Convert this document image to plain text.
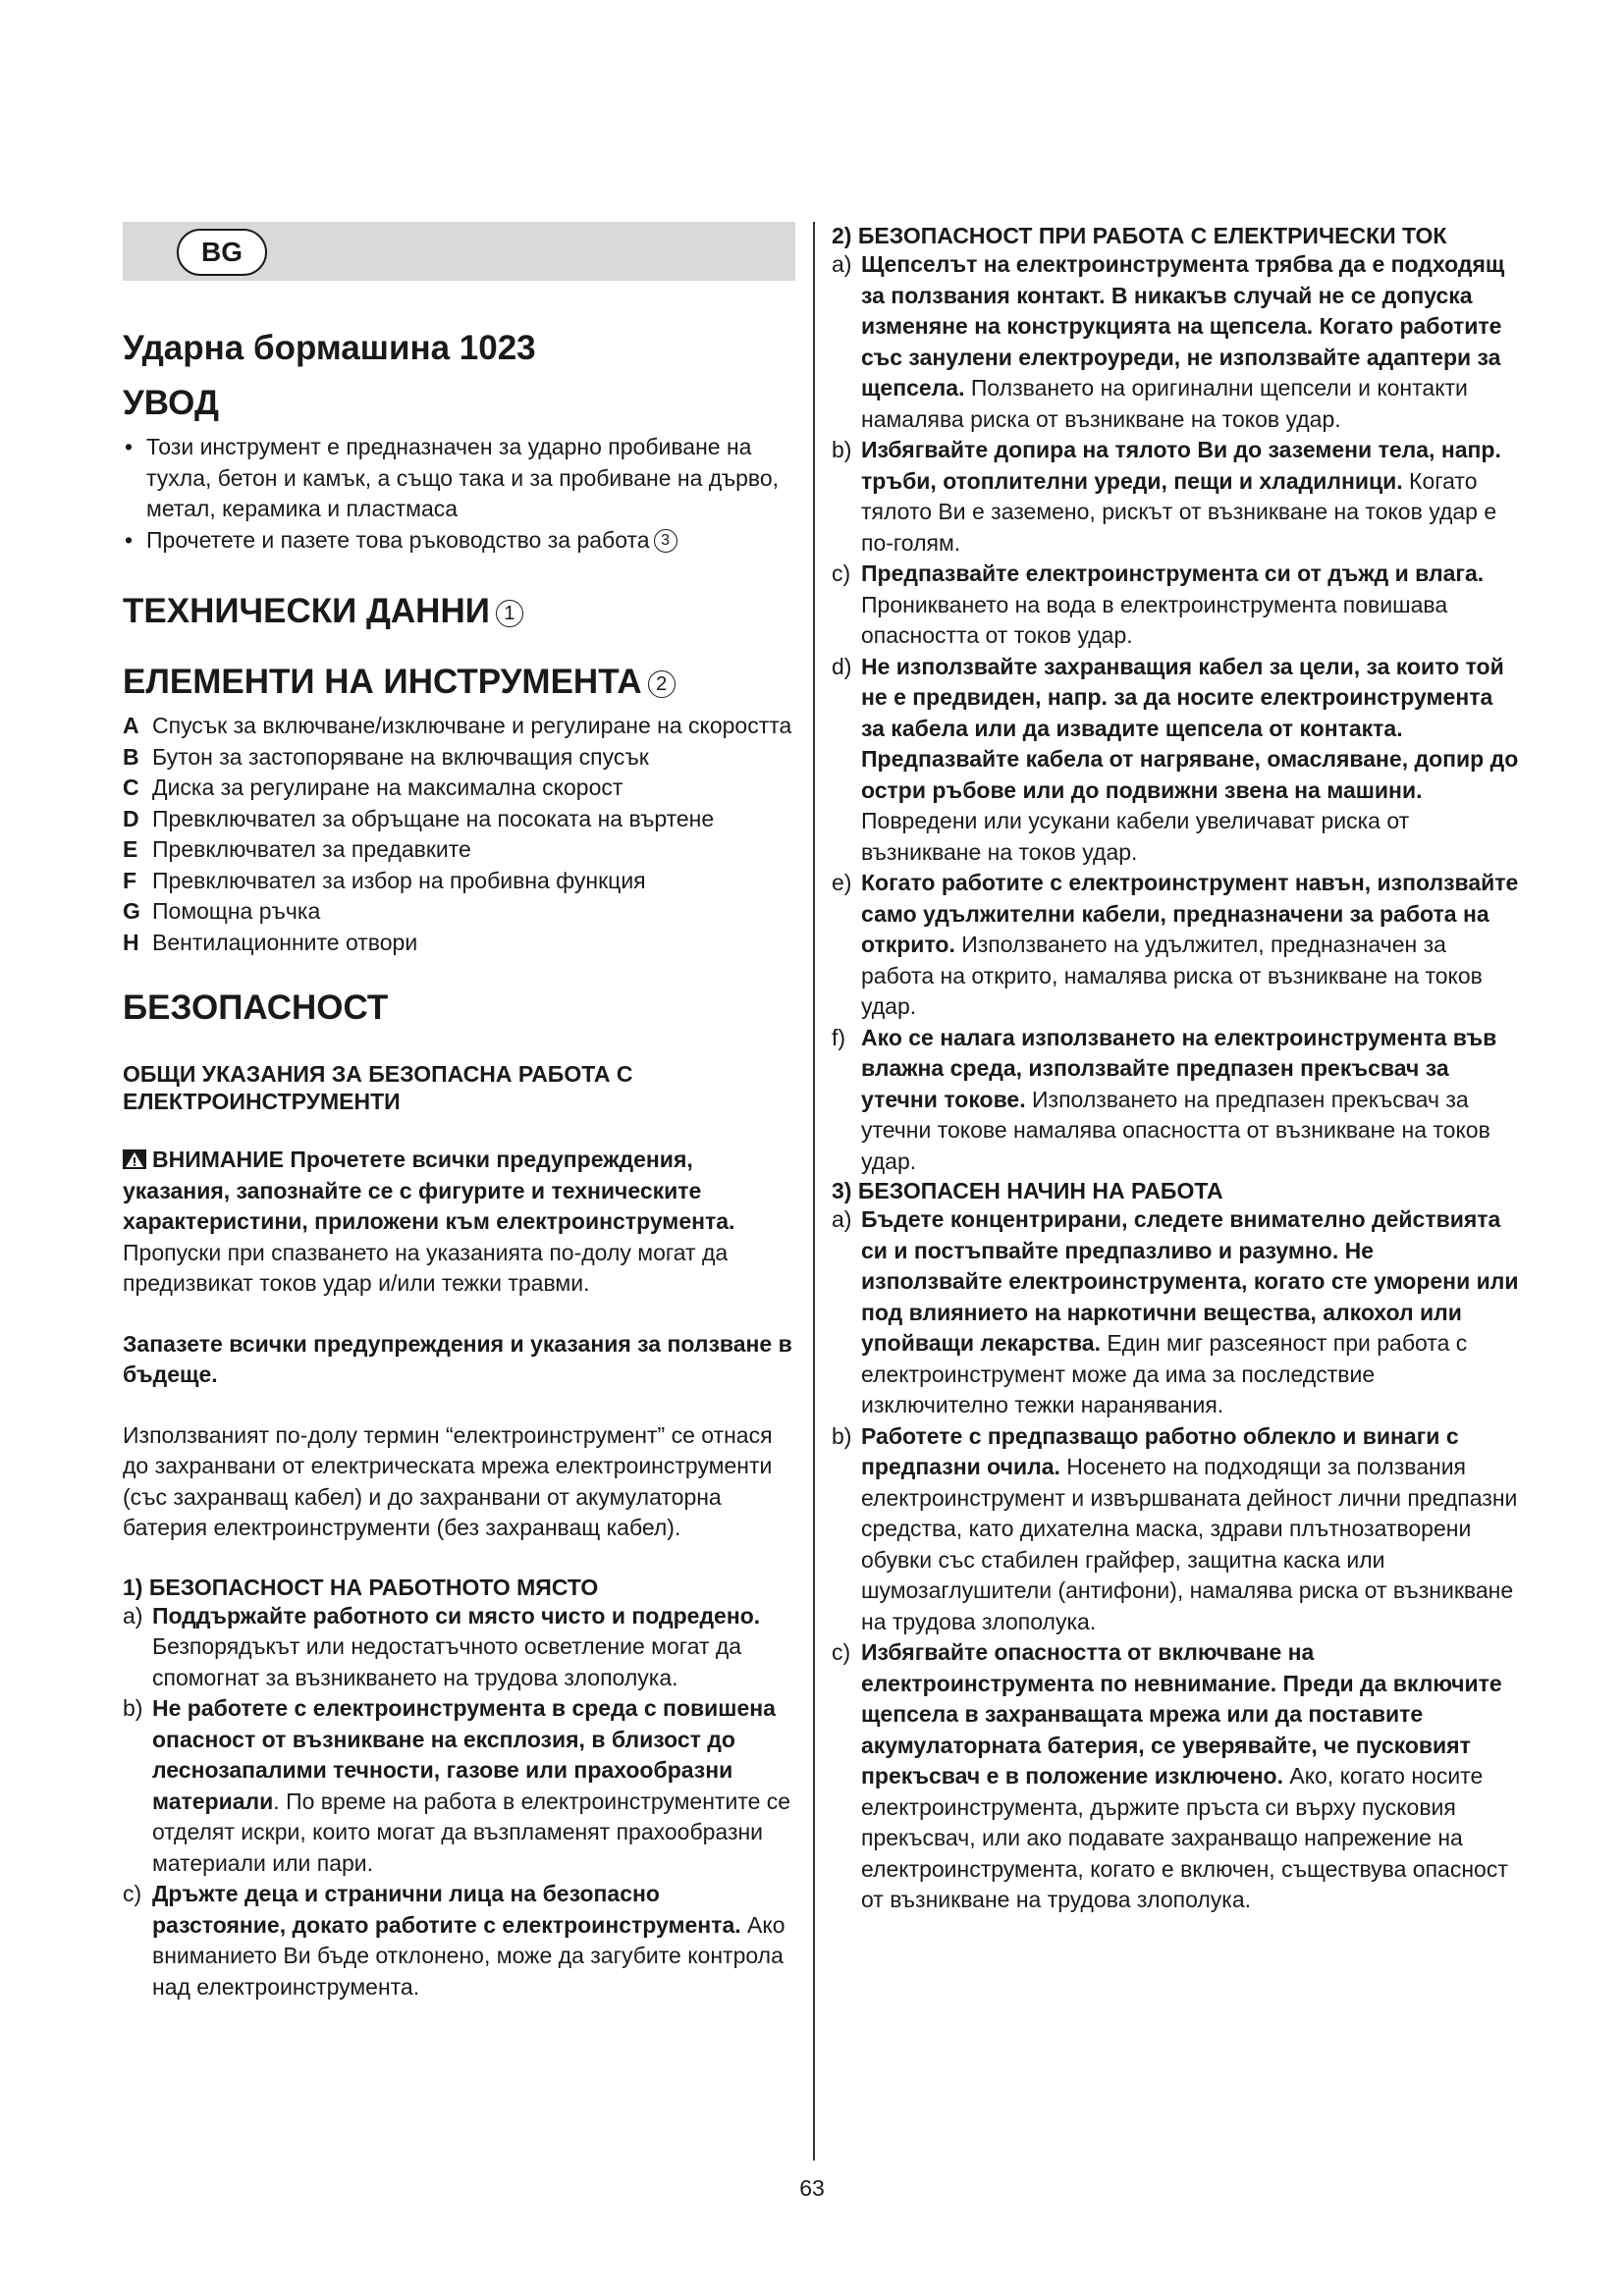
BG
Ударна бормашина 1023
УВОД
• Този инструмент е предназначен за ударно пробиване на тухла, бетон и камък, а също така и за пробиване на дърво, метал, керамика и пластмаса
• Прочетете и пазете това ръководство за работа 3
ТЕХНИЧЕСКИ ДАННИ 1
ЕЛЕМЕНТИ НА ИНСТРУМЕНТА 2
A Спусък за включване/изключване и регулиране на скоростта
B Бутон за застопоряване на включващия спусък
C Диска за регулиране на максимална скорост
D Превключвател за обръщане на посоката на въртене
E Превключвател за предавките
F Превключвател за избор на пробивна функция
G Помощна ръчка
H Вентилационните отвори
БЕЗОПАСНОСТ
ОБЩИ УКАЗАНИЯ ЗА БЕЗОПАСНА РАБОТА С ЕЛЕКТРОИНСТРУМЕНТИ

ВНИМАНИЕ Прочетете всички предупреждения, указания, запознайте се с фигурите и техническите характеристини, приложени към електроинструмента. Пропуски при спазването на указанията по-долу могат да предизвикат токов удар и/или тежки травми.

Запазете всички предупреждения и указания за ползване в бъдеще.

Използваният по-долу термин “електроинструмент” се отнася до захранвани от електрическата мрежа електроинструменти (със захранващ кабел) и до захранвани от акумулаторна батерия електроинструменти (без захранващ кабел).

1) БЕЗОПАСНОСТ НА РАБОТНОТО МЯСТО

a) Поддържайте работното си място чисто и подредено. Безпорядъкът или недостатъчното осветление могат да спомогнат за възникването на трудова злополука.
b) Не работете с електроинструмента в среда с повишена опасност от възникване на експлозия, в близост до леснозапалими течности, газове или прахообразни материали. По време на работа в електроинструментите се отделят искри, които могат да възпламенят прахообразни материали или пари.
c) Дръжте деца и странични лица на безопасно разстояние, докато работите с електроинструмента. Ако вниманието Ви бъде отклонено, може да загубите контрола над електроинструмента.

2) БЕЗОПАСНОСТ ПРИ РАБОТА С ЕЛЕКТРИЧЕСКИ ТОК

a) Щепселът на електроинструмента трябва да е подходящ за ползвания контакт. В никакъв случай не се допуска изменяне на конструкцията на щепсела. Когато работите със занулени електроуреди, не използвайте адаптери за щепсела. Ползването на оригинални щепсели и контакти намалява риска от възникване на токов удар.
b) Избягвайте допира на тялото Ви до заземени тела, напр. тръби, отоплителни уреди, пещи и хладилници. Когато тялото Ви е заземено, рискът от възникване на токов удар е по-голям.
c) Предпазвайте електроинструмента си от дъжд и влага. Проникването на вода в електроинструмента повишава опасността от токов удар.
d) Не използвайте захранващия кабел за цели, за които той не е предвиден, напр. за да носите електроинструмента за кабела или да извадите щепсела от контакта. Предпазвайте кабела от нагряване, омасляване, допир до остри ръбове или до подвижни звена на машини. Повредени или усукани кабели увеличават риска от възникване на токов удар.
e) Когато работите с електроинструмент навън, използвайте само удължителни кабели, предназначени за работа на открито. Използването на удължител, предназначен за работа на открито, намалява риска от възникване на токов удар.
f) Ако се налага използването на електроинструмента във влажна среда, използвайте предпазен прекъсвач за утечни токове. Използването на предпазен прекъсвач за утечни токове намалява опасността от възникване на токов удар.

3) БЕЗОПАСЕН НАЧИН НА РАБОТА

a) Бъдете концентрирани, следете внимателно действията си и постъпвайте предпазливо и разумно. Не използвайте електроинструмента, когато сте уморени или под влиянието на наркотични вещества, алкохол или упойващи лекарства. Един миг разсеяност при работа с електроинструмент може да има за последствие изключително тежки наранявания.
b) Работете с предпазващо работно облекло и винаги с предпазни очила. Носенето на подходящи за ползвания електроинструмент и извършваната дейност лични предпазни средства, като дихателна маска, здрави плътнозатворени обувки със стабилен грайфер, защитна каска или шумозаглушители (антифони), намалява риска от възникване на трудова злополука.
c) Избягвайте опасността от включване на електроинструмента по невнимание. Преди да включите щепсела в захранващата мрежа или да поставите акумулаторната батерия, се уверявайте, че пусковият прекъсвач е в положение изключено. Ако, когато носите електроинструмента, държите пръста си върху пусковия прекъсвач, или ако подавате захранващо напрежение на електроинструмента, когато е включен, съществува опасност от възникване на трудова злополука.
63
